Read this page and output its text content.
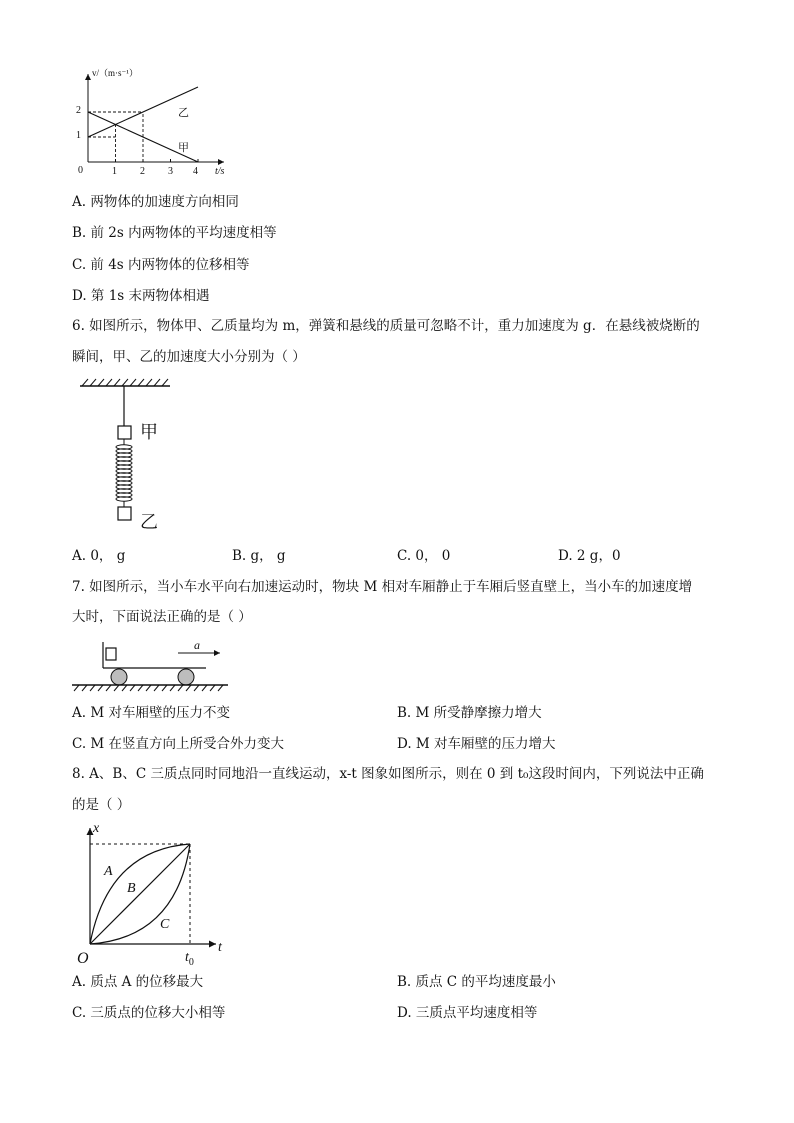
v/（m·s⁻¹）
2
1
0	1 2 3 4 t/s
乙
甲
A. 两物体的加速度方向相同
B. 前 2s 内两物体的平均速度相等
C. 前 4s 内两物体的位移相等
D. 第 1s 末两物体相遇
6. 如图所示，物体甲、乙质量均为 m，弹簧和悬线的质量可忽略不计，重力加速度为 g．在悬线被烧断的
瞬间，甲、乙的加速度大小分别为（ ）
甲
乙
A. 0， g	B. g， g	C. 0， 0	D. 2 g，0
7. 如图所示，当小车水平向右加速运动时，物块 M 相对车厢静止于车厢后竖直壁上，当小车的加速度增
大时，下面说法正确的是（ ）
a
A. M 对车厢壁的压力不变	B. M 所受静摩擦力增大
C. M 在竖直方向上所受合外力变大	D. M 对车厢壁的压力增大
8. A、B、C 三质点同时同地沿一直线运动，x-t 图象如图所示，则在 0 到 t₀这段时间内，下列说法中正确
的是（ ）
x
t
O	$t_0$
A
B
C
A. 质点 A 的位移最大	B. 质点 C 的平均速度最小
C. 三质点的位移大小相等	D. 三质点平均速度相等
